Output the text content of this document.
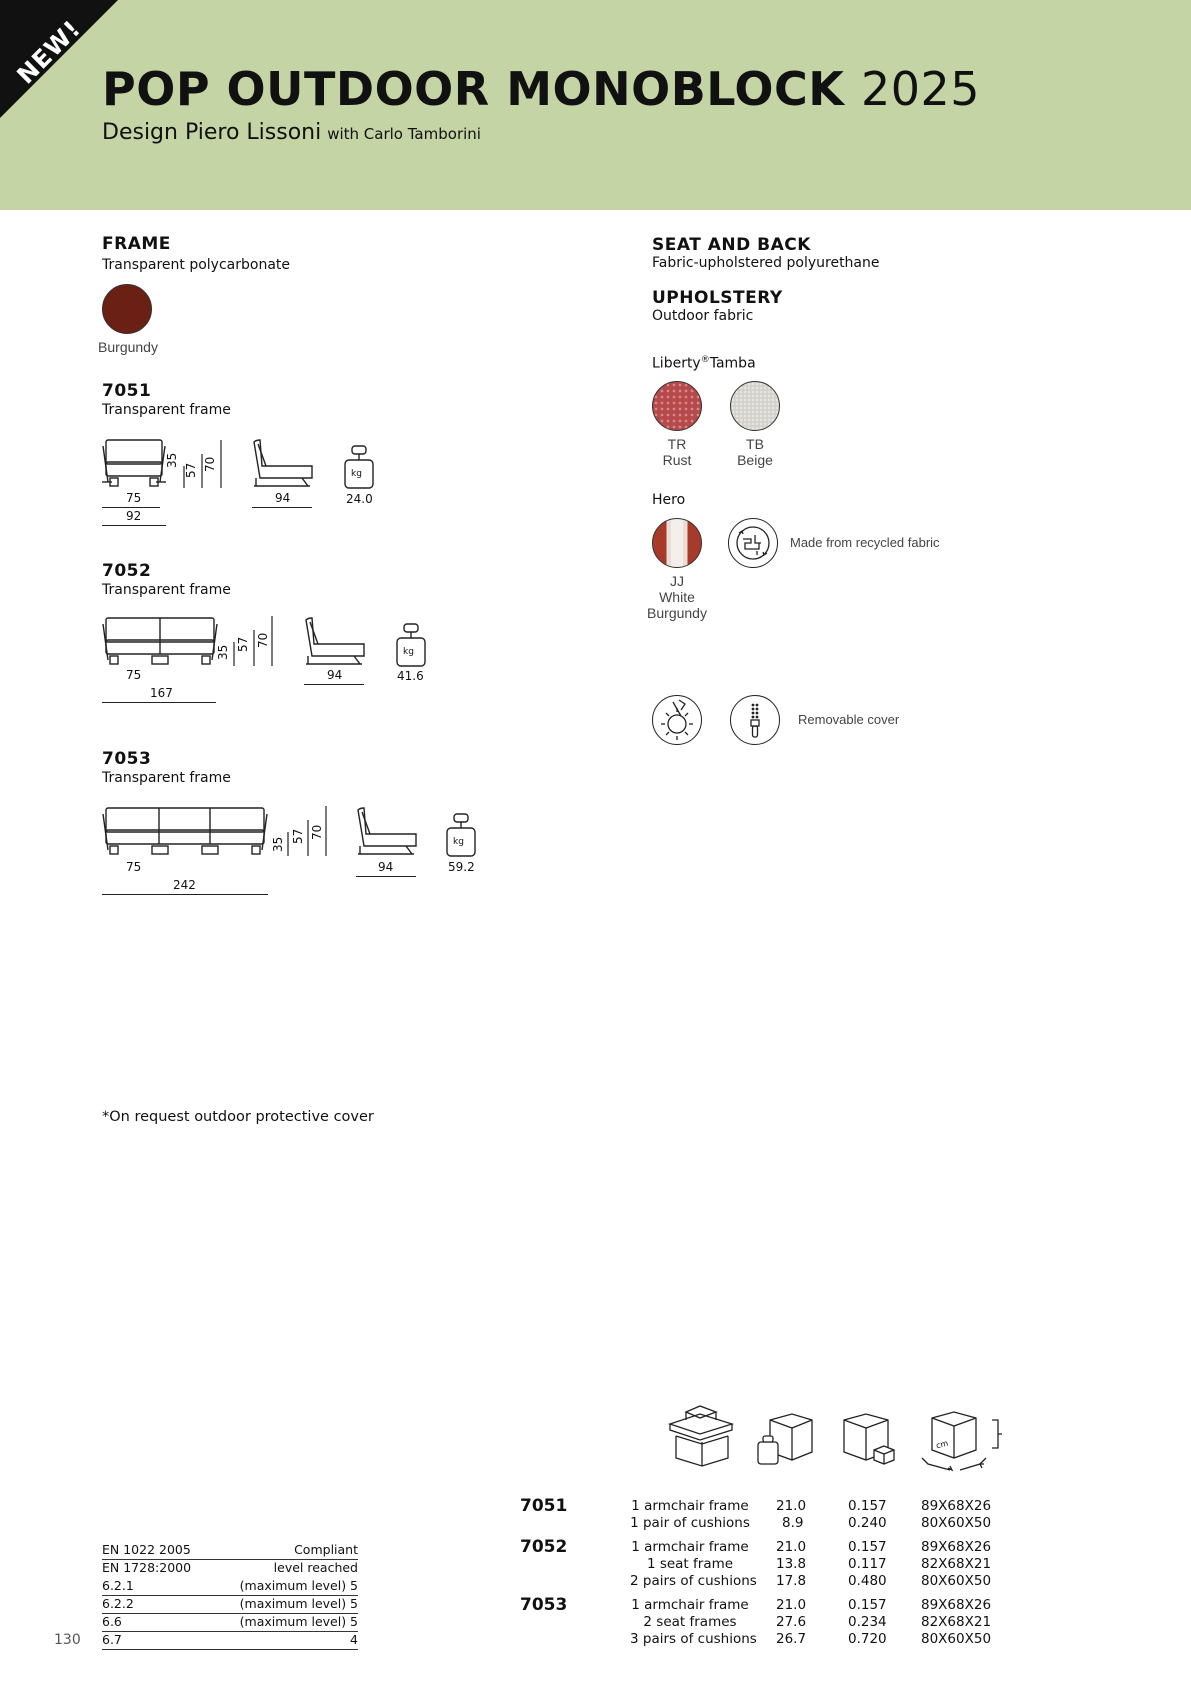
NEW! POP OUTDOOR MONOBLOCK 2025
Design Piero Lissoni with Carlo Tamborini
FRAME
Transparent polycarbonate
Burgundy
SEAT AND BACK
Fabric-upholstered polyurethane
UPHOLSTERY
Outdoor fabric
Liberty®Tamba
TR
Rust
TB
Beige
Hero
JJ
White
Burgundy
Made from recycled fabric
Removable cover
7051
Transparent frame
75
92
35
57 70
94
kg
24.0
7052
Transparent frame
75
167
35
57 70
94
kg
41.6
7053
Transparent frame
75
242
35
57 70
94
kg
59.2
*On request outdoor protective cover
cm
7051	1 armchair frame 21.0	0.157	89X68X26
1 pair of cushions 8.9	0.240	80X60X50
7052	1 armchair frame 21.0	0.157	89X68X26
1 seat frame	13.8	0.117	82X68X21
2 pairs of cushions 17.8	0.480	80X60X50
7053	1 armchair frame 21.0	0.157	89X68X26
2 seat frames	27.6	0.234	82X68X21
3 pairs of cushions 26.7	0.720	80X60X50
EN 1022 2005	Compliant
EN 1728:2000	level reached
6.2.1	(maximum level) 5
6.2.2	(maximum level) 5
6.6	(maximum level) 5
6.7	4
130
